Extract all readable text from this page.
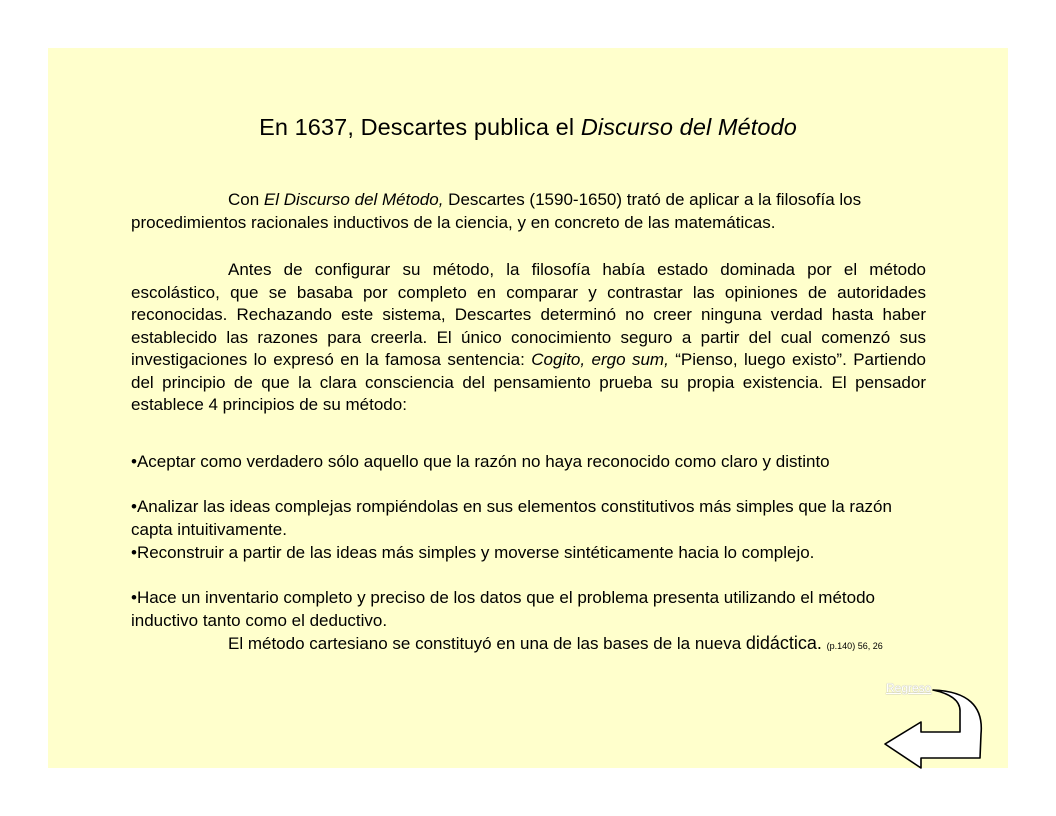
En 1637, Descartes publica el Discurso del Método

Con El Discurso del Método, Descartes (1590-1650) trató de aplicar a la filosofía los procedimientos racionales inductivos de la ciencia, y en concreto de las matemáticas.

Antes de configurar su método, la filosofía había estado dominada por el método escolástico, que se basaba por completo en comparar y contrastar las opiniones de autoridades reconocidas. Rechazando este sistema, Descartes determinó no creer ninguna verdad hasta haber establecido las razones para creerla. El único conocimiento seguro a partir del cual comenzó sus investigaciones lo expresó en la famosa sentencia: Cogito, ergo sum, “Pienso, luego existo”. Partiendo del principio de que la clara consciencia del pensamiento prueba su propia existencia. El pensador establece 4 principios de su método:

•Aceptar como verdadero sólo aquello que la razón no haya reconocido como claro y distinto

•Analizar las ideas complejas rompiéndolas en sus elementos constitutivos más simples que la razón capta intuitivamente.

•Reconstruir a partir de las ideas más simples y moverse sintéticamente hacia lo complejo.

•Hace un inventario completo y preciso de los datos que el problema presenta utilizando el método inductivo tanto como el deductivo.

El método cartesiano se constituyó en una de las bases de la nueva didáctica. (p.140) 56, 26

Regreso
